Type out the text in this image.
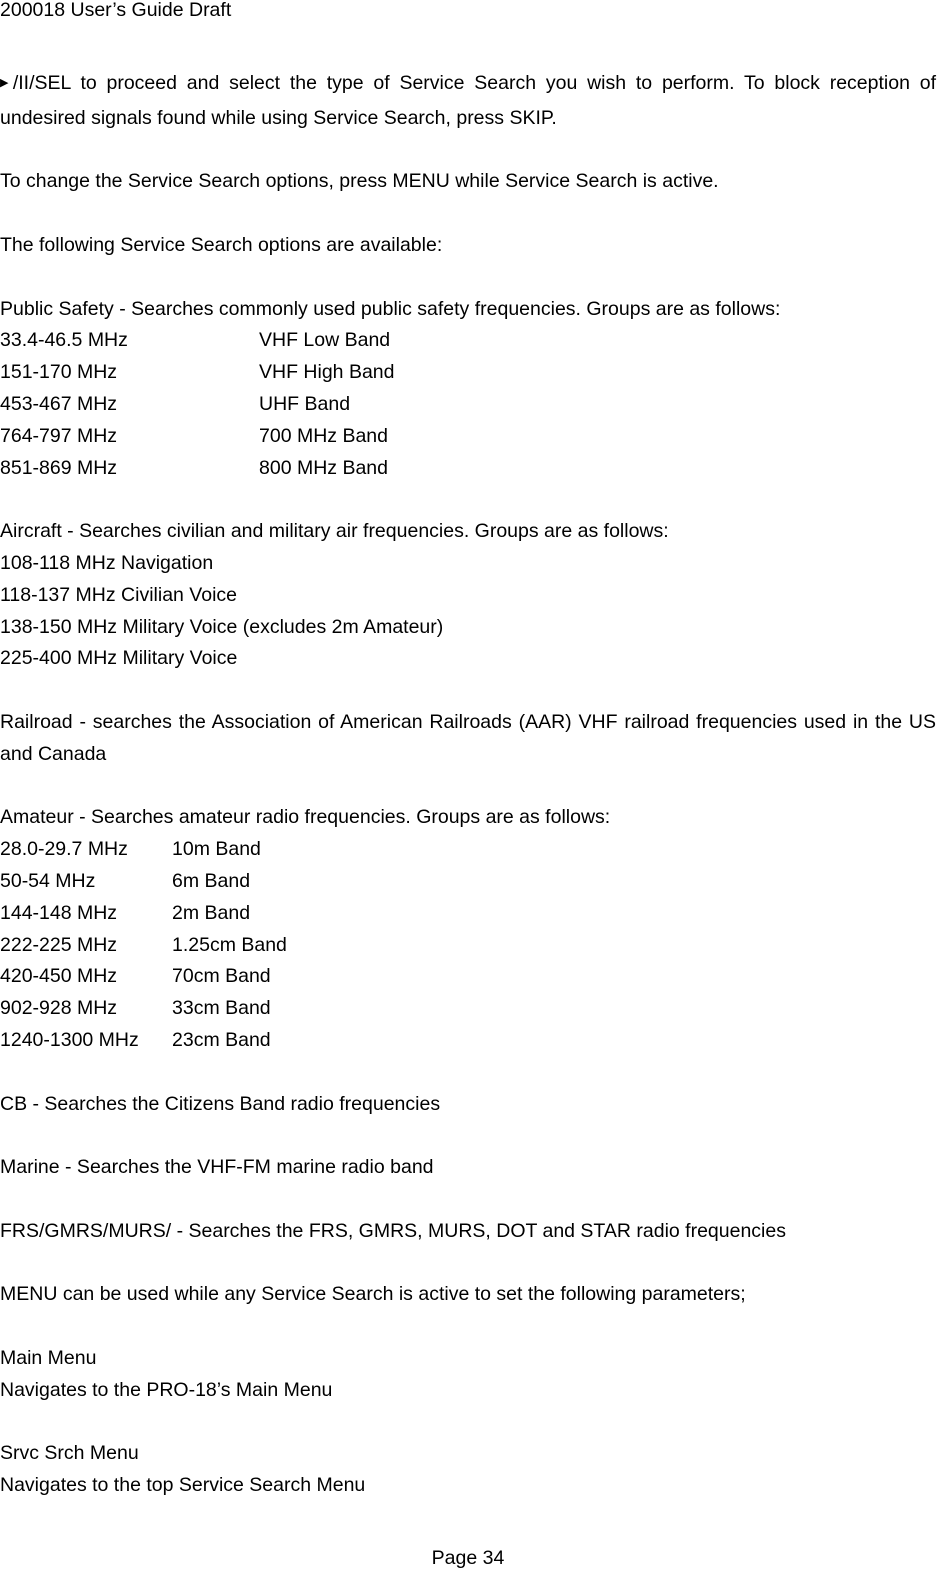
200018 User’s Guide Draft

▶/II/SEL to proceed and select the type of Service Search you wish to perform. To block reception of undesired signals found while using Service Search, press SKIP.

To change the Service Search options, press MENU while Service Search is active.

The following Service Search options are available:

Public Safety - Searches commonly used public safety frequencies. Groups are as follows:

33.4-46.5 MHz	VHF Low Band
151-170 MHz	VHF High Band
453-467 MHz	UHF Band
764-797 MHz	700 MHz Band
851-869 MHz	800 MHz Band

Aircraft - Searches civilian and military air frequencies. Groups are as follows:

108-118 MHz Navigation

118-137 MHz Civilian Voice

138-150 MHz Military Voice (excludes 2m Amateur)

225-400 MHz Military Voice

Railroad - searches the Association of American Railroads (AAR) VHF railroad frequencies used in the US and Canada

Amateur - Searches amateur radio frequencies. Groups are as follows:

28.0-29.7 MHz	10m Band
50-54 MHz	6m Band
144-148 MHz	2m Band
222-225 MHz	1.25cm Band
420-450 MHz	70cm Band
902-928 MHz	33cm Band
1240-1300 MHz	23cm Band

CB - Searches the Citizens Band radio frequencies

Marine - Searches the VHF-FM marine radio band

FRS/GMRS/MURS/ - Searches the FRS, GMRS, MURS, DOT and STAR radio frequencies

MENU can be used while any Service Search is active to set the following parameters;

Main Menu

Navigates to the PRO-18’s Main Menu

Srvc Srch Menu

Navigates to the top Service Search Menu

Page 34
